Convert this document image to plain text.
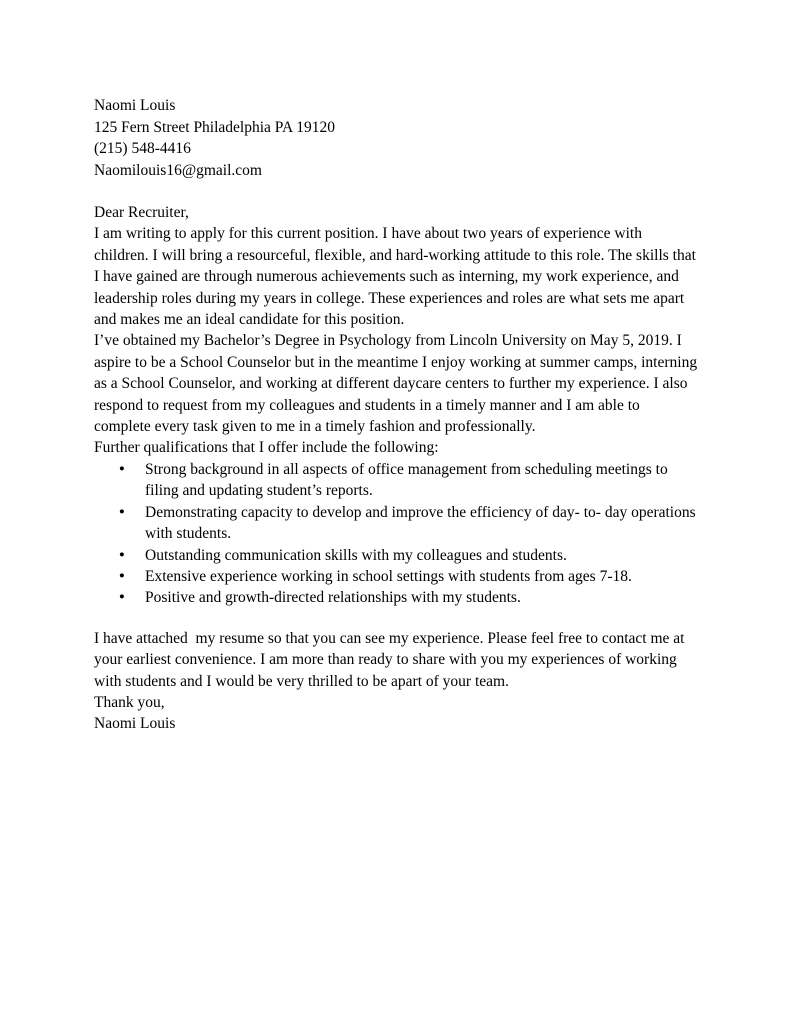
Naomi Louis
125 Fern Street Philadelphia PA 19120
(215) 548-4416
Naomilouis16@gmail.com

Dear Recruiter,

I am writing to apply for this current position. I have about two years of experience with children. I will bring a resourceful, flexible, and hard-working attitude to this role. The skills that I have gained are through numerous achievements such as interning, my work experience, and leadership roles during my years in college. These experiences and roles are what sets me apart and makes me an ideal candidate for this position.

I’ve obtained my Bachelor’s Degree in Psychology from Lincoln University on May 5, 2019. I aspire to be a School Counselor but in the meantime I enjoy working at summer camps, interning as a School Counselor, and working at different daycare centers to further my experience. I also respond to request from my colleagues and students in a timely manner and I am able to complete every task given to me in a timely fashion and professionally.

Further qualifications that I offer include the following:

● Strong background in all aspects of office management from scheduling meetings to filing and updating student’s reports.
● Demonstrating capacity to develop and improve the efficiency of day- to- day operations with students.
● Outstanding communication skills with my colleagues and students.
● Extensive experience working in school settings with students from ages 7-18.
● Positive and growth-directed relationships with my students.

I have attached  my resume so that you can see my experience. Please feel free to contact me at your earliest convenience. I am more than ready to share with you my experiences of working with students and I would be very thrilled to be apart of your team.

Thank you,

Naomi Louis
